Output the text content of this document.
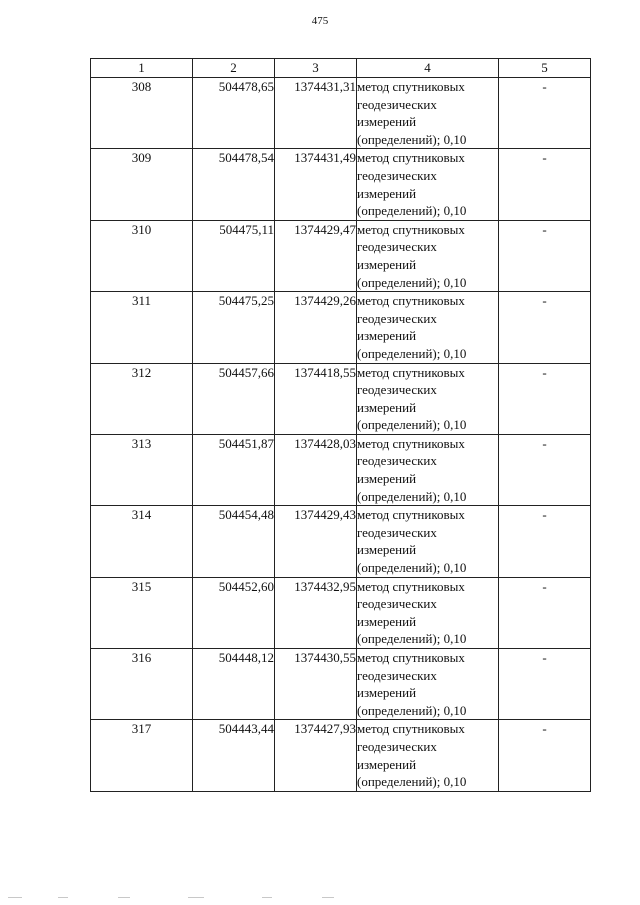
475
1	2	3	4	5
308	504478,65	1374431,31	метод спутниковых
геодезических
измерений
(определений); 0,10	-
309	504478,54	1374431,49	метод спутниковых
геодезических
измерений
(определений); 0,10	-
310	504475,11	1374429,47	метод спутниковых
геодезических
измерений
(определений); 0,10	-
311	504475,25	1374429,26	метод спутниковых
геодезических
измерений
(определений); 0,10	-
312	504457,66	1374418,55	метод спутниковых
геодезических
измерений
(определений); 0,10	-
313	504451,87	1374428,03	метод спутниковых
геодезических
измерений
(определений); 0,10	-
314	504454,48	1374429,43	метод спутниковых
геодезических
измерений
(определений); 0,10	-
315	504452,60	1374432,95	метод спутниковых
геодезических
измерений
(определений); 0,10	-
316	504448,12	1374430,55	метод спутниковых
геодезических
измерений
(определений); 0,10	-
317	504443,44	1374427,93	метод спутниковых
геодезических
измерений
(определений); 0,10	-
